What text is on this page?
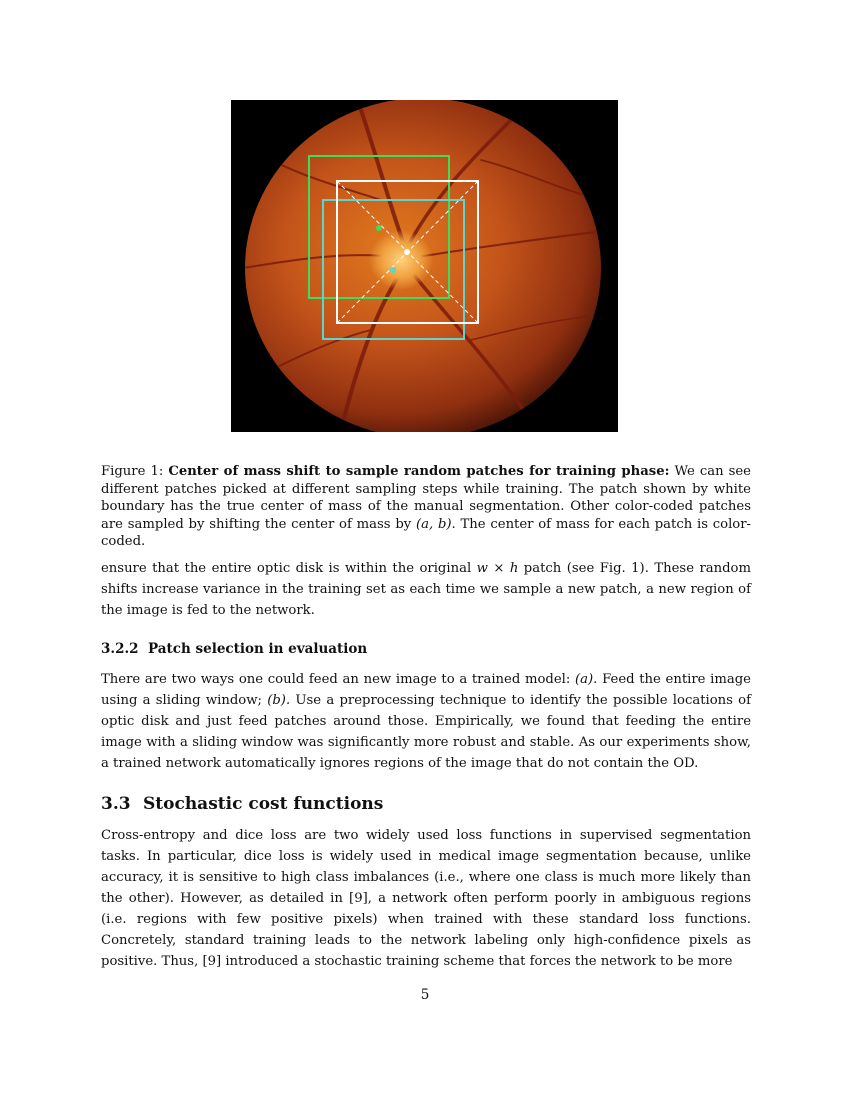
Figure 1: Center of mass shift to sample random patches for training phase: We can see different patches picked at different sampling steps while training. The patch shown by white boundary has the true center of mass of the manual segmentation. Other color-coded patches are sampled by shifting the center of mass by (a, b). The center of mass for each patch is color-coded.

ensure that the entire optic disk is within the original w × h patch (see Fig. 1). These random shifts increase variance in the training set as each time we sample a new patch, a new region of the image is fed to the network.

3.2.2 Patch selection in evaluation

There are two ways one could feed an new image to a trained model: (a). Feed the entire image using a sliding window; (b). Use a preprocessing technique to identify the possible locations of optic disk and just feed patches around those. Empirically, we found that feeding the entire image with a sliding window was significantly more robust and stable. As our experiments show, a trained network automatically ignores regions of the image that do not contain the OD.

3.3 Stochastic cost functions

Cross-entropy and dice loss are two widely used loss functions in supervised segmentation tasks. In particular, dice loss is widely used in medical image segmentation because, unlike accuracy, it is sensitive to high class imbalances (i.e., where one class is much more likely than the other). However, as detailed in [9], a network often perform poorly in ambiguous regions (i.e. regions with few positive pixels) when trained with these standard loss functions. Concretely, standard training leads to the network labeling only high-confidence pixels as positive. Thus, [9] introduced a stochastic training scheme that forces the network to be more

5
